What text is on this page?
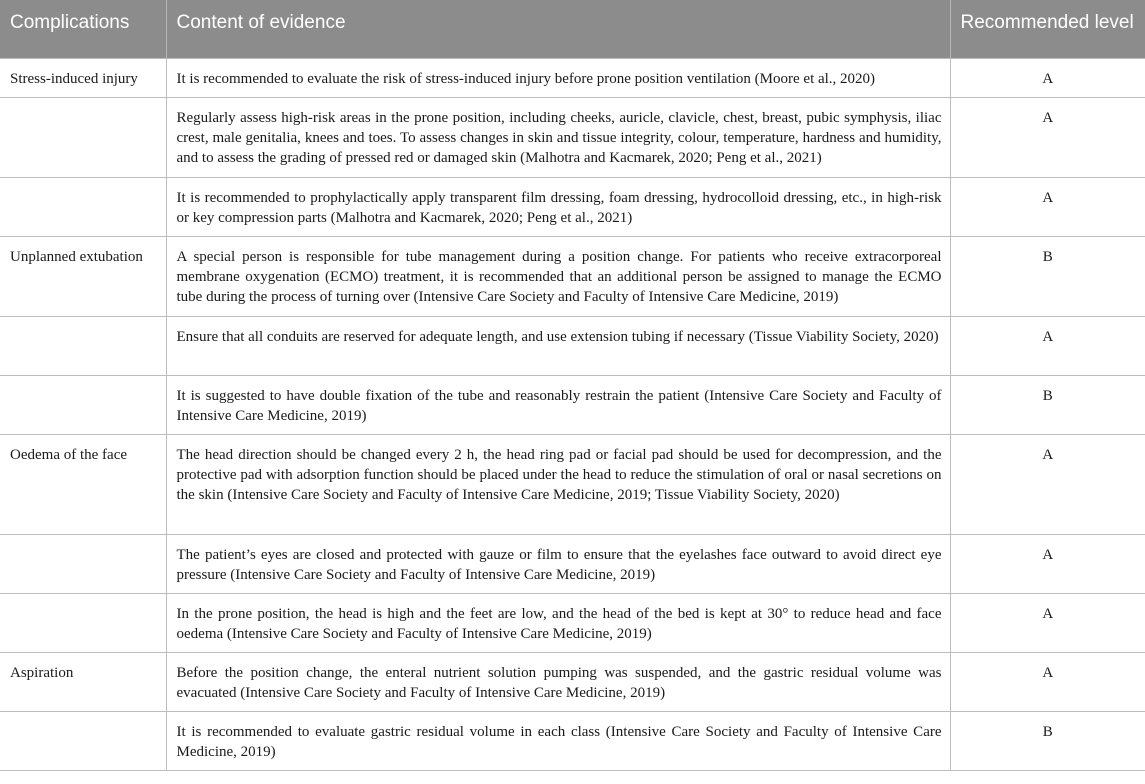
Complications	Content of evidence	Recommended level
Stress-induced injury	It is recommended to evaluate the risk of stress-induced injury before prone position ventilation (Moore et al., 2020)	A
	Regularly assess high-risk areas in the prone position, including cheeks, auricle, clavicle, chest, breast, pubic symphysis, iliac crest, male genitalia, knees and toes. To assess changes in skin and tissue integrity, colour, temperature, hardness and humidity, and to assess the grading of pressed red or damaged skin (Malhotra and Kacmarek, 2020; Peng et al., 2021)	A
	It is recommended to prophylactically apply transparent film dressing, foam dressing, hydrocolloid dressing, etc., in high-risk or key compression parts (Malhotra and Kacmarek, 2020; Peng et al., 2021)	A
Unplanned extubation	A special person is responsible for tube management during a position change. For patients who receive extracorporeal membrane oxygenation (ECMO) treatment, it is recommended that an additional person be assigned to manage the ECMO tube during the process of turning over (Intensive Care Society and Faculty of Intensive Care Medicine, 2019)	B
	Ensure that all conduits are reserved for adequate length, and use extension tubing if necessary (Tissue Viability Society, 2020)	A
	It is suggested to have double fixation of the tube and reasonably restrain the patient (Intensive Care Society and Faculty of Intensive Care Medicine, 2019)	B
Oedema of the face	The head direction should be changed every 2 h, the head ring pad or facial pad should be used for decompression, and the protective pad with adsorption function should be placed under the head to reduce the stimulation of oral or nasal secretions on the skin (Intensive Care Society and Faculty of Intensive Care Medicine, 2019; Tissue Viability Society, 2020)	A
	The patient’s eyes are closed and protected with gauze or film to ensure that the eyelashes face outward to avoid direct eye pressure (Intensive Care Society and Faculty of Intensive Care Medicine, 2019)	A
	In the prone position, the head is high and the feet are low, and the head of the bed is kept at 30° to reduce head and face oedema (Intensive Care Society and Faculty of Intensive Care Medicine, 2019)	A
Aspiration	Before the position change, the enteral nutrient solution pumping was suspended, and the gastric residual volume was evacuated (Intensive Care Society and Faculty of Intensive Care Medicine, 2019)	A
	It is recommended to evaluate gastric residual volume in each class (Intensive Care Society and Faculty of Intensive Care Medicine, 2019)	B
